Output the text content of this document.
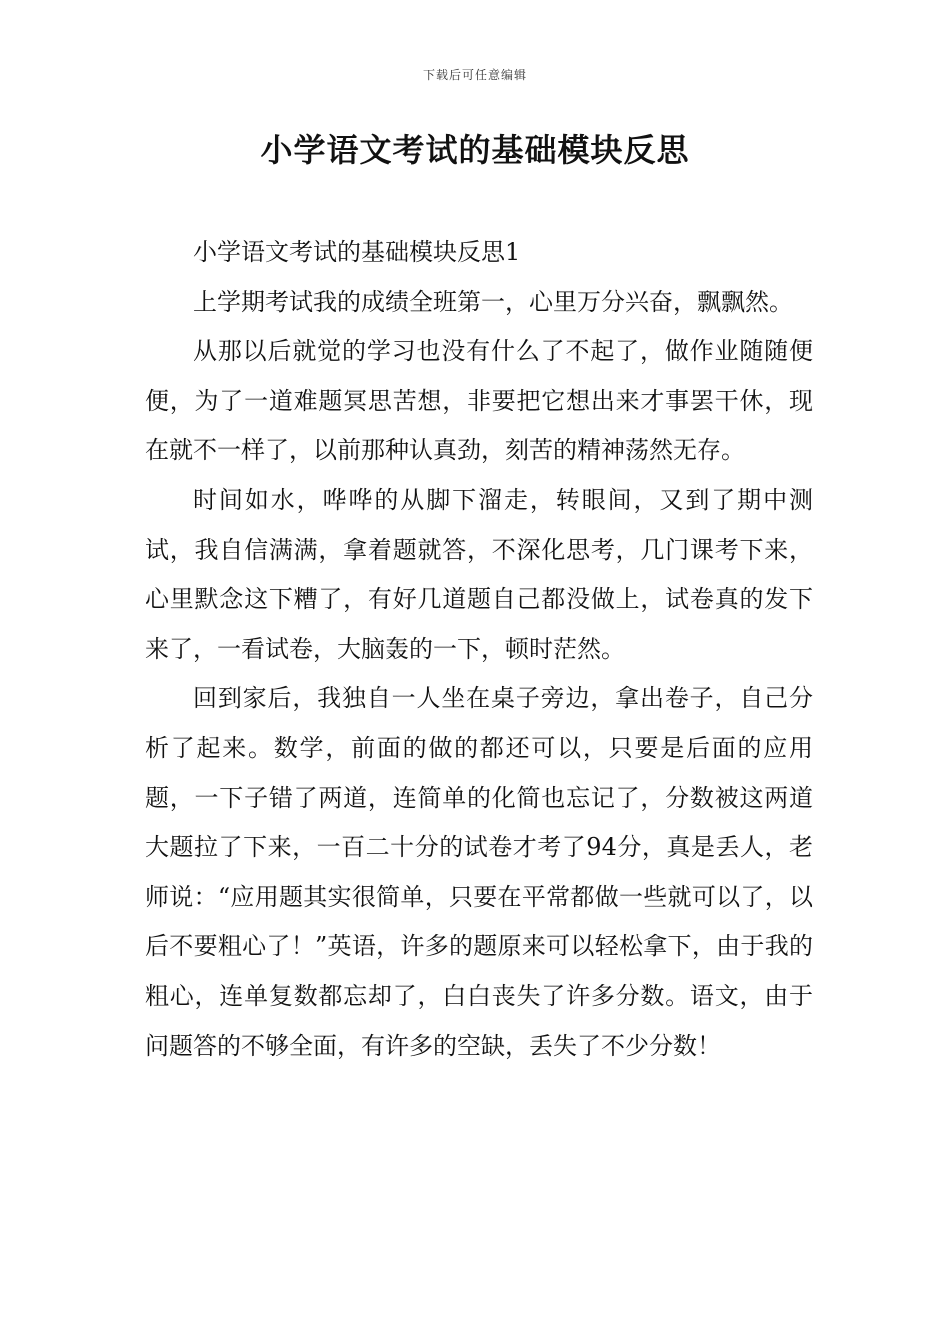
下载后可任意编辑
小学语文考试的基础模块反思

小学语文考试的基础模块反思1

上学期考试我的成绩全班第一，心里万分兴奋，飘飘然。

从那以后就觉的学习也没有什么了不起了，做作业随随便便，为了一道难题冥思苦想，非要把它想出来才事罢干休，现在就不一样了，以前那种认真劲，刻苦的精神荡然无存。

时间如水，哗哗的从脚下溜走，转眼间，又到了期中测试，我自信满满，拿着题就答，不深化思考，几门课考下来，心里默念这下糟了，有好几道题自己都没做上，试卷真的发下来了，一看试卷，大脑轰的一下，顿时茫然。

回到家后，我独自一人坐在桌子旁边，拿出卷子，自己分析了起来。数学，前面的做的都还可以，只要是后面的应用题，一下子错了两道，连简单的化简也忘记了，分数被这两道大题拉了下来，一百二十分的试卷才考了94分，真是丢人，老师说：“应用题其实很简单，只要在平常都做一些就可以了，以后不要粗心了！”英语，许多的题原来可以轻松拿下，由于我的粗心，连单复数都忘却了，白白丧失了许多分数。语文，由于问题答的不够全面，有许多的空缺，丢失了不少分数！
